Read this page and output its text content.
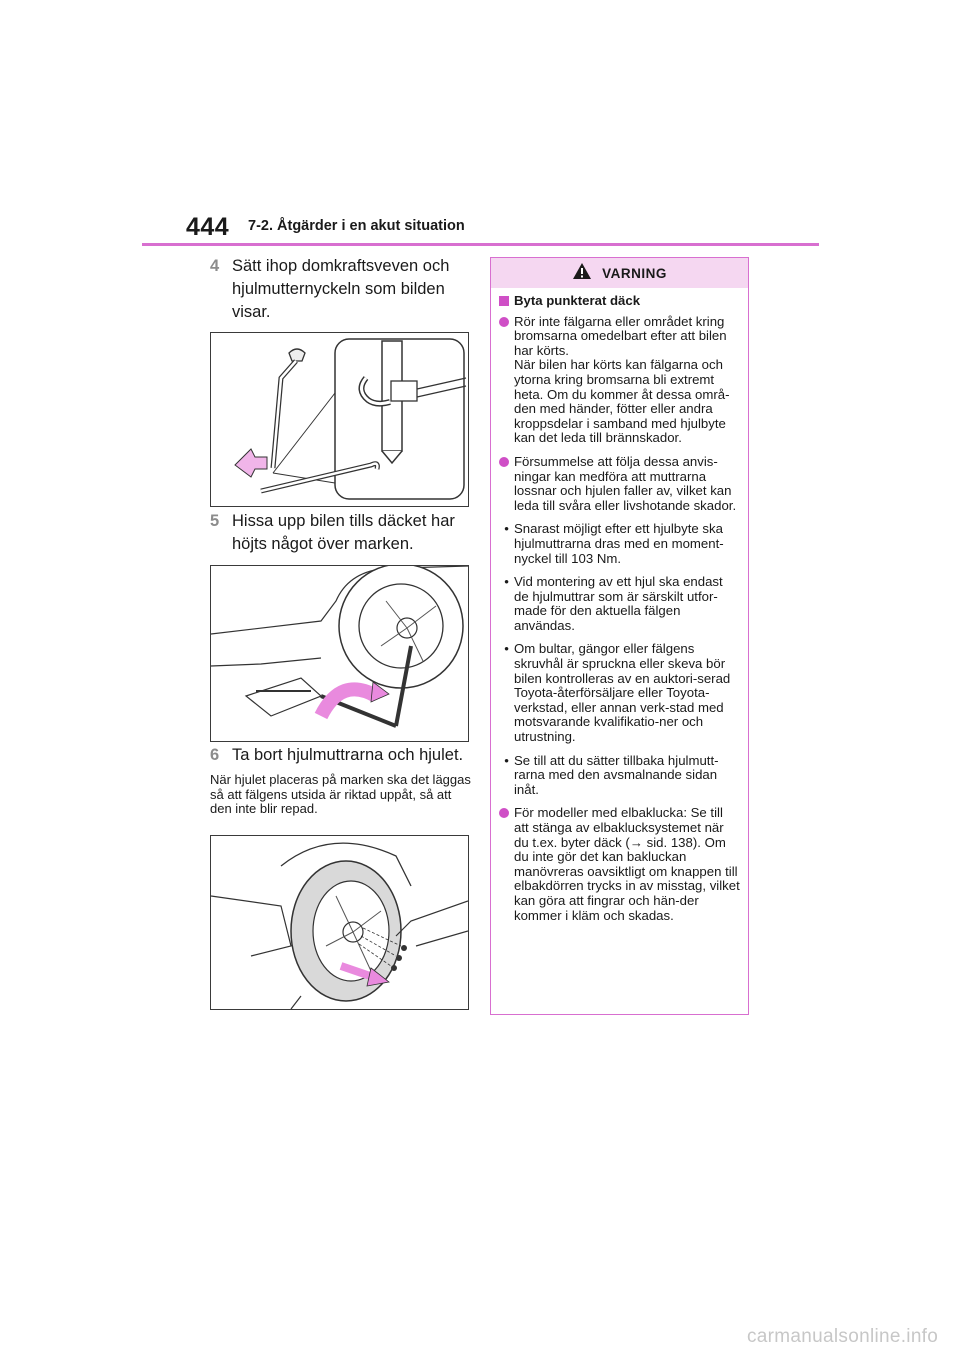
444 7-2. Åtgärder i en akut situation
4 Sätt ihop domkraftsveven och hjulmutternyckeln som bilden visar.
5 Hissa upp bilen tills däcket har höjts något över marken.
6 Ta bort hjulmuttrarna och hjulet.
När hjulet placeras på marken ska det läggas så att fälgens utsida är riktad uppåt, så att den inte blir repad.
VARNING
Byta punkterat däck
Rör inte fälgarna eller området kring bromsarna omedelbart efter att bilen har körts.
När bilen har körts kan fälgarna och ytorna kring bromsarna bli extremt heta. Om du kommer åt dessa områ-den med händer, fötter eller andra kroppsdelar i samband med hjulbyte kan det leda till brännskador.
Försummelse att följa dessa anvis-ningar kan medföra att muttrarna lossnar och hjulen faller av, vilket kan leda till svåra eller livshotande skador.
• Snarast möjligt efter ett hjulbyte ska hjulmuttrarna dras med en moment-nyckel till 103 Nm.
• Vid montering av ett hjul ska endast de hjulmuttrar som är särskilt utfor-made för den aktuella fälgen användas.
• Om bultar, gängor eller fälgens skruvhål är spruckna eller skeva bör bilen kontrolleras av en auktori-serad Toyota-återförsäljare eller Toyota-verkstad, eller annan verk-stad med motsvarande kvalifikatio-ner och utrustning.
• Se till att du sätter tillbaka hjulmutt-rarna med den avsmalnande sidan inåt.
För modeller med elbaklucka: Se till att stänga av elbaklucksystemet när du t.ex. byter däck (→ sid. 138). Om du inte gör det kan bakluckan manövreras oavsiktligt om knappen till elbakdörren trycks in av misstag, vilket kan göra att fingrar och hän-der kommer i kläm och skadas.
carmanualsonline.info
